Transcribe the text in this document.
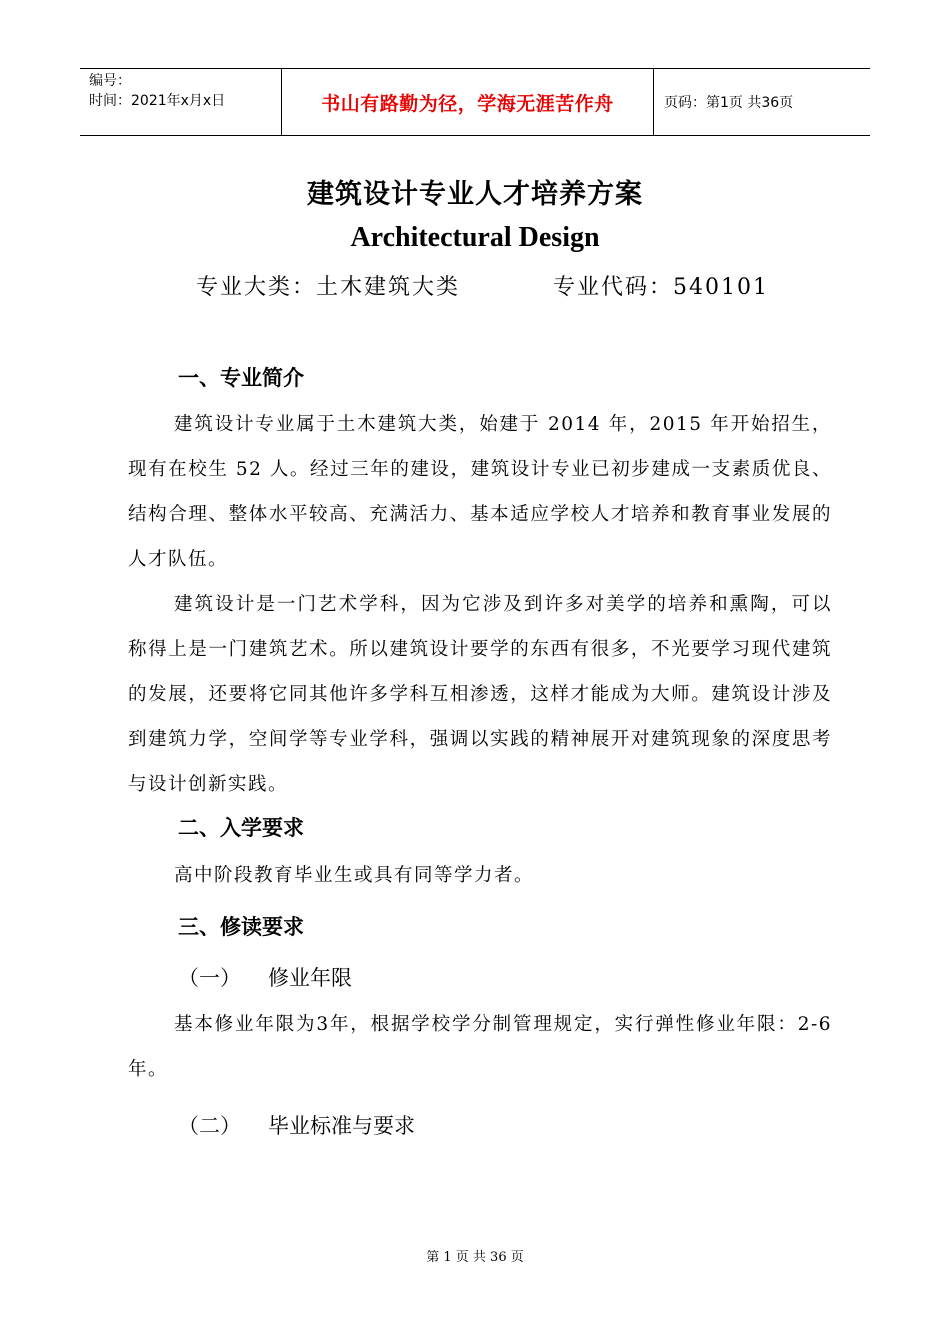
编号：
时间：2021年x月x日	书山有路勤为径，学海无涯苦作舟	页码：第1页 共36页
建筑设计专业人才培养方案
Architectural Design
专业大类：土木建筑大类	专业代码：540101
一、专业简介

建筑设计专业属于土木建筑大类，始建于 2014 年，2015 年开始招生，现有在校生 52 人。经过三年的建设，建筑设计专业已初步建成一支素质优良、结构合理、整体水平较高、充满活力、基本适应学校人才培养和教育事业发展的人才队伍。

建筑设计是一门艺术学科，因为它涉及到许多对美学的培养和熏陶，可以称得上是一门建筑艺术。所以建筑设计要学的东西有很多，不光要学习现代建筑的发展，还要将它同其他许多学科互相渗透，这样才能成为大师。建筑设计涉及到建筑力学，空间学等专业学科，强调以实践的精神展开对建筑现象的深度思考与设计创新实践。

二、入学要求

高中阶段教育毕业生或具有同等学力者。

三、修读要求
（一） 修业年限

基本修业年限为3年，根据学校学分制管理规定，实行弹性修业年限：2-6年。

（二） 毕业标准与要求
第 1 页 共 36 页
